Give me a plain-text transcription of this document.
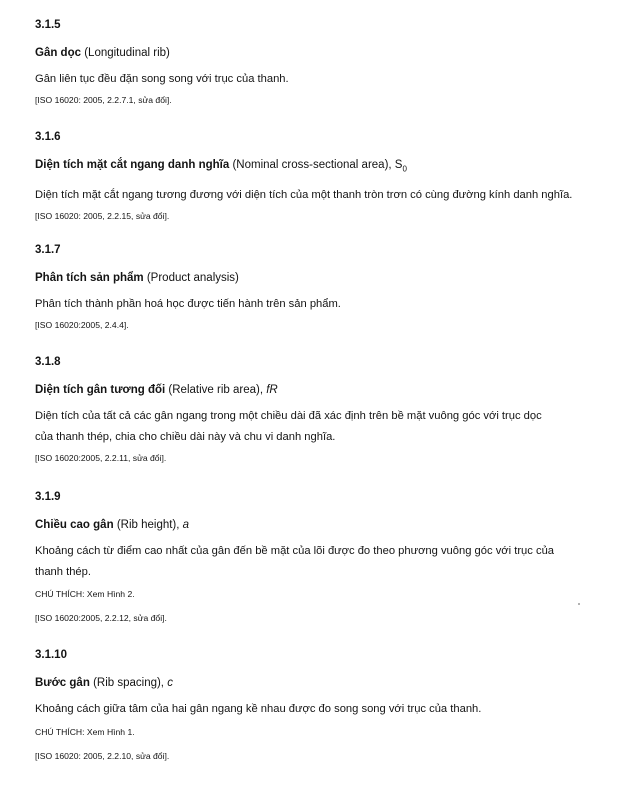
3.1.5

Gân dọc (Longitudinal rib)

Gân liên tục đều đặn song song với trục của thanh.

[ISO 16020: 2005, 2.2.7.1, sửa đổi].

3.1.6

Diện tích mặt cắt ngang danh nghĩa (Nominal cross-sectional area), $S_0$

Diện tích mặt cắt ngang tương đương với diện tích của một thanh tròn trơn có cùng đường kính danh nghĩa.

[ISO 16020: 2005, 2.2.15, sửa đổi].

3.1.7

Phân tích sản phẩm (Product analysis)

Phân tích thành phần hoá học được tiến hành trên sản phẩm.

[ISO 16020:2005, 2.4.4].

3.1.8

Diện tích gân tương đối (Relative rib area), fR

Diện tích của tất cả các gân ngang trong một chiều dài đã xác định trên bề mặt vuông góc với trục dọc

của thanh thép, chia cho chiều dài này và chu vi danh nghĩa.

[ISO 16020:2005, 2.2.11, sửa đổi].

3.1.9

Chiều cao gân (Rib height), a

Khoảng cách từ điểm cao nhất của gân đến bề mặt của lõi được đo theo phương vuông góc với trục của

thanh thép.

CHÚ THÍCH: Xem Hình 2.

[ISO 16020:2005, 2.2.12, sửa đổi].

3.1.10

Bước gân (Rib spacing), c

Khoảng cách giữa tâm của hai gân ngang kề nhau được đo song song với trục của thanh.

CHÚ THÍCH: Xem Hình 1.

[ISO 16020: 2005, 2.2.10, sửa đổi].
